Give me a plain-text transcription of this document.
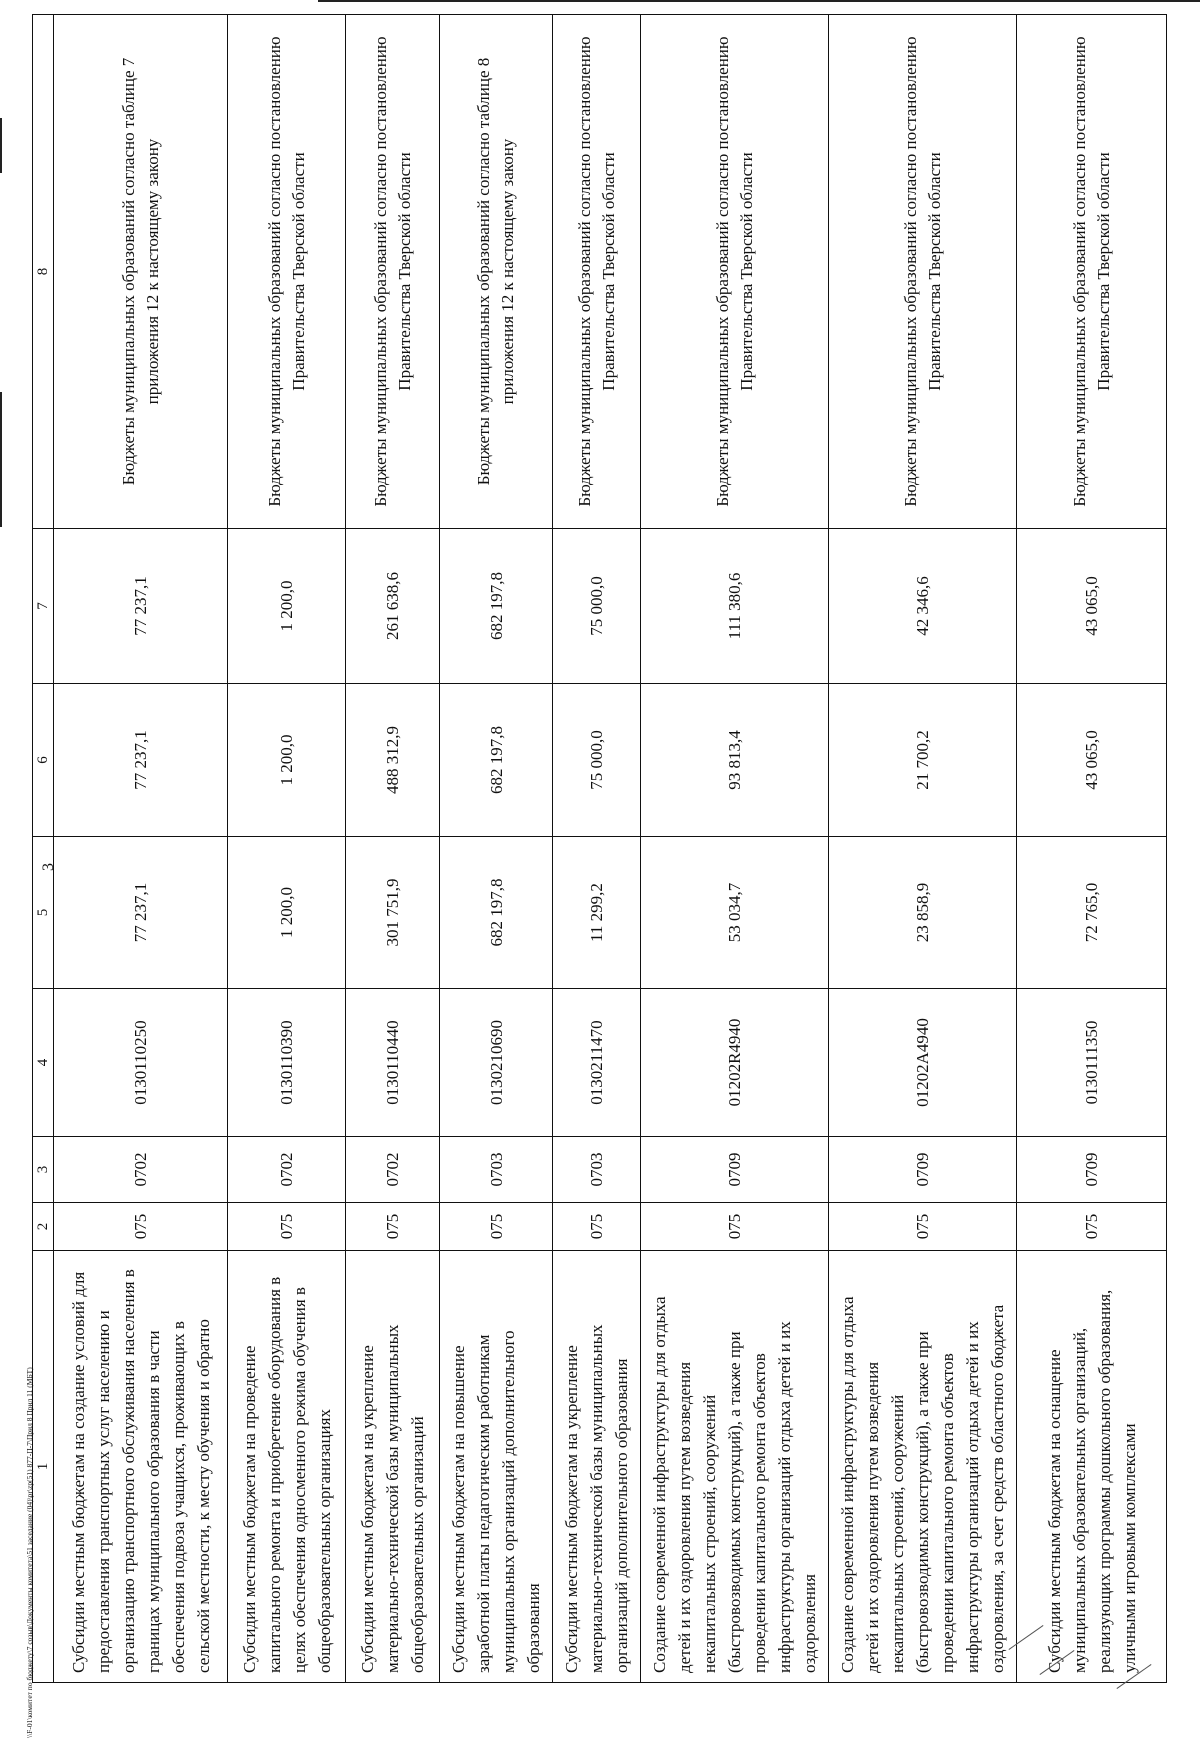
3
\\F-01\комитет по бюджету\7 созыв\Документы комитета\51 заседание (04)\pr\zp(51) 877-П-7\Прил 8 Прил 11 (МБТ) 1	2	3	4	5	6	7	8
Субсидии местным бюджетам на создание условий для предоставления транспортных услуг населению и организацию транспортного обслуживания населения в границах муниципального образования в части обеспечения подвоза учащихся, проживающих в сельской местности, к месту обучения и обратно	075	0702	0130110250	77 237,1	77 237,1	77 237,1	Бюджеты муниципальных образований согласно таблице 7 приложения 12 к настоящему закону
Субсидии местным бюджетам на проведение капитального ремонта и приобретение оборудования в целях обеспечения односменного режима обучения в общеобразовательных организациях	075	0702	0130110390	1 200,0	1 200,0	1 200,0	Бюджеты муниципальных образований согласно постановлению Правительства Тверской области
Субсидии местным бюджетам на укрепление материально-технической базы муниципальных общеобразовательных организаций	075	0702	0130110440	301 751,9	488 312,9	261 638,6	Бюджеты муниципальных образований согласно постановлению Правительства Тверской области
Субсидии местным бюджетам на повышение заработной платы педагогическим работникам муниципальных организаций дополнительного образования	075	0703	0130210690	682 197,8	682 197,8	682 197,8	Бюджеты муниципальных образований согласно таблице 8 приложения 12 к настоящему закону
Субсидии местным бюджетам на укрепление материально-технической базы муниципальных организаций дополнительного образования	075	0703	0130211470	11 299,2	75 000,0	75 000,0	Бюджеты муниципальных образований согласно постановлению Правительства Тверской области
Создание современной инфраструктуры для отдыха детей и их оздоровления путем возведения некапитальных строений, сооружений (быстровозводимых конструкций), а также при проведении капитального ремонта объектов инфраструктуры организаций отдыха детей и их оздоровления	075	0709	01202R4940	53 034,7	93 813,4	111 380,6	Бюджеты муниципальных образований согласно постановлению Правительства Тверской области
Создание современной инфраструктуры для отдыха детей и их оздоровления путем возведения некапитальных строений, сооружений (быстровозводимых конструкций), а также при проведении капитального ремонта объектов инфраструктуры организаций отдыха детей и их оздоровления, за счет средств областного бюджета	075	0709	01202A4940	23 858,9	21 700,2	42 346,6	Бюджеты муниципальных образований согласно постановлению Правительства Тверской области
Субсидии местным бюджетам на оснащение муниципальных образовательных организаций, реализующих программы дошкольного образования, уличными игровыми комплексами	075	0709	0130111350	72 765,0	43 065,0	43 065,0	Бюджеты муниципальных образований согласно постановлению Правительства Тверской области
